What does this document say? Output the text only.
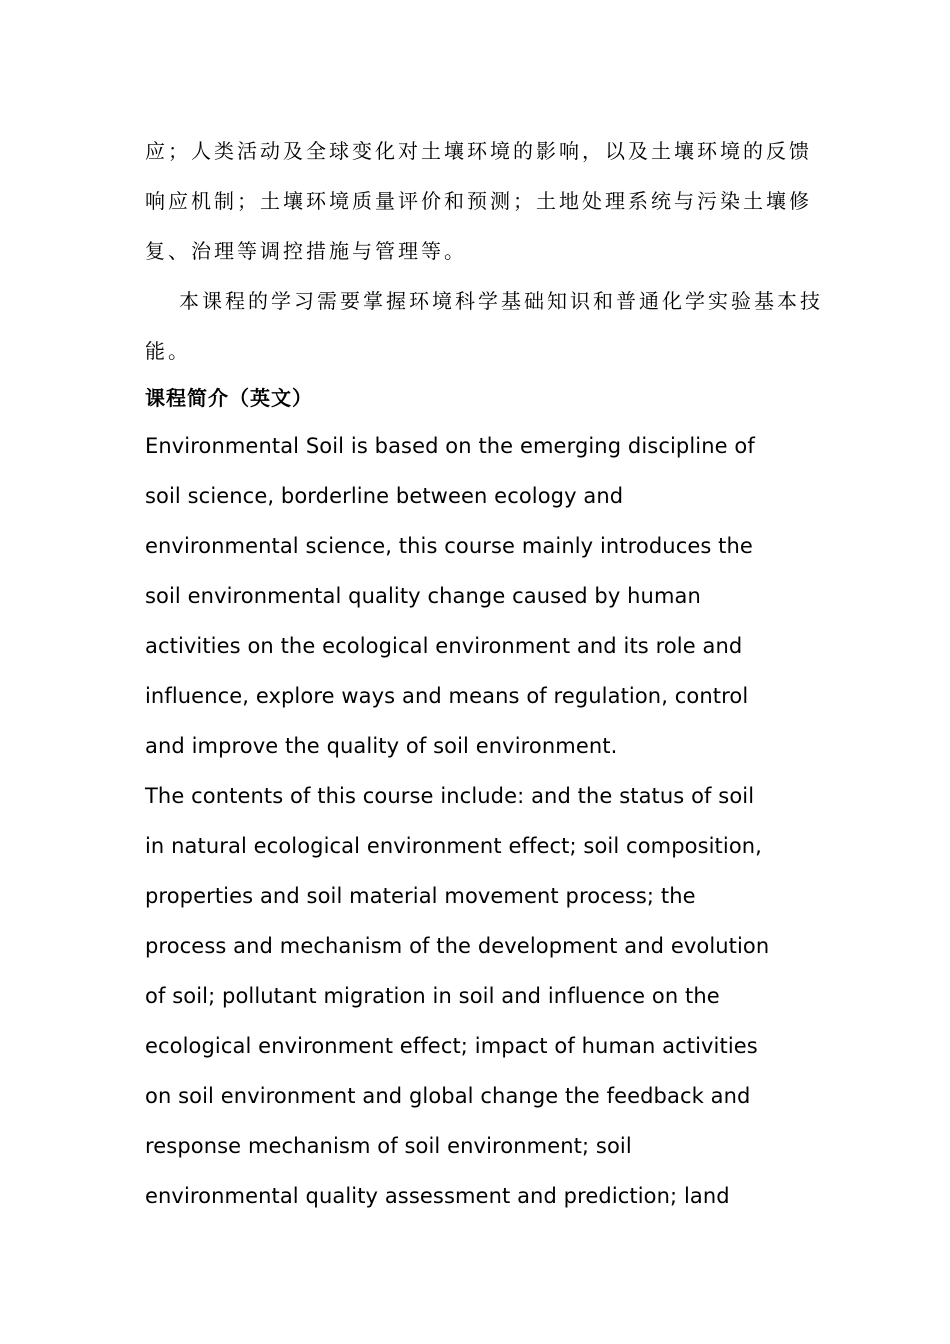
应；人类活动及全球变化对土壤环境的影响，以及土壤环境的反馈
响应机制；土壤环境质量评价和预测；土地处理系统与污染土壤修
复、治理等调控措施与管理等。
本课程的学习需要掌握环境科学基础知识和普通化学实验基本技
能。
课程简介（英文）
Environmental Soil is based on the emerging discipline of
soil science, borderline between ecology and
environmental science, this course mainly introduces the
soil environmental quality change caused by human
activities on the ecological environment and its role and
influence, explore ways and means of regulation, control
and improve the quality of soil environment.
The contents of this course include: and the status of soil
in natural ecological environment effect; soil composition,
properties and soil material movement process; the
process and mechanism of the development and evolution
of soil; pollutant migration in soil and influence on the
ecological environment effect; impact of human activities
on soil environment and global change the feedback and
response mechanism of soil environment; soil
environmental quality assessment and prediction; land
